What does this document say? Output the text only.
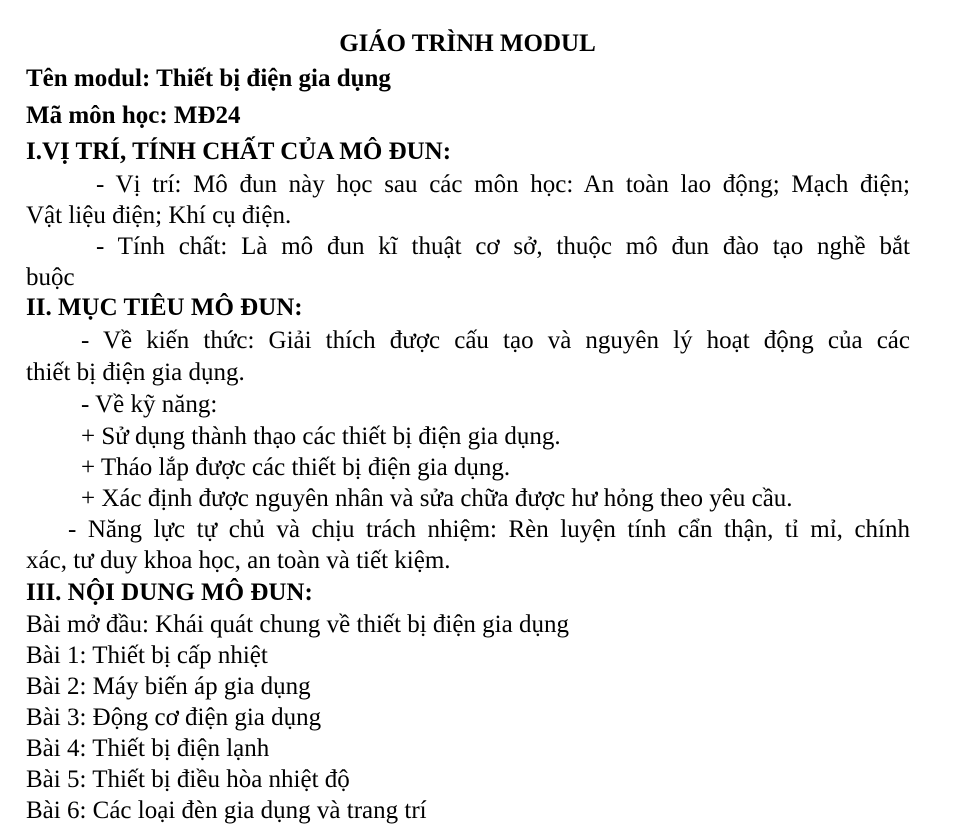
GIÁO TRÌNH MODUL
Tên modul: Thiết bị điện gia dụng
Mã môn học: MĐ24
I.VỊ TRÍ, TÍNH CHẤT CỦA MÔ ĐUN:
- Vị trí: Mô đun này học sau các môn học: An toàn lao động; Mạch điện;
Vật liệu điện; Khí cụ điện.
- Tính chất: Là mô đun kĩ thuật cơ sở, thuộc mô đun đào tạo nghề bắt
buộc
II. MỤC TIÊU MÔ ĐUN:
- Về kiến thức: Giải thích được cấu tạo và nguyên lý hoạt động của các
thiết bị điện gia dụng.
- Về kỹ năng:
+ Sử dụng thành thạo các thiết bị điện gia dụng.
+ Tháo lắp được các thiết bị điện gia dụng.
+ Xác định được nguyên nhân và sửa chữa được hư hỏng theo yêu cầu.
- Năng lực tự chủ và chịu trách nhiệm: Rèn luyện tính cẩn thận, tỉ mỉ, chính
xác, tư duy khoa học, an toàn và tiết kiệm.
III. NỘI DUNG MÔ ĐUN:
Bài mở đầu: Khái quát chung về thiết bị điện gia dụng
Bài 1: Thiết bị cấp nhiệt
Bài 2: Máy biến áp gia dụng
Bài 3: Động cơ điện gia dụng
Bài 4: Thiết bị điện lạnh
Bài 5: Thiết bị điều hòa nhiệt độ
Bài 6: Các loại đèn gia dụng và trang trí
